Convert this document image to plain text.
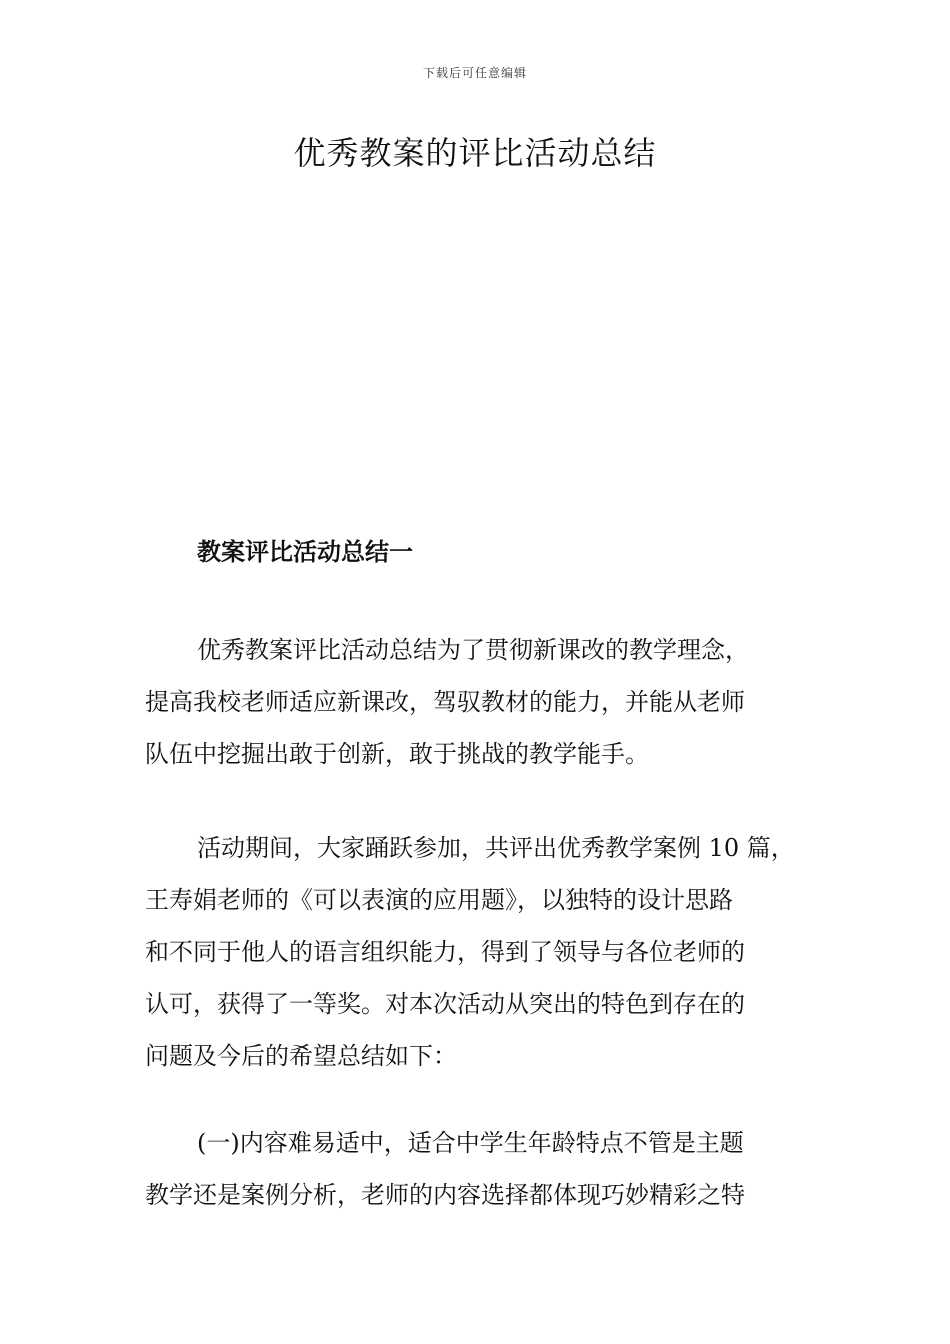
下载后可任意编辑
优秀教案的评比活动总结
教案评比活动总结一
优秀教案评比活动总结为了贯彻新课改的教学理念，
提高我校老师适应新课改，驾驭教材的能力，并能从老师
队伍中挖掘出敢于创新，敢于挑战的教学能手。
活动期间，大家踊跃参加，共评出优秀教学案例 10 篇，
王寿娟老师的《可以表演的应用题》，以独特的设计思路
和不同于他人的语言组织能力，得到了领导与各位老师的
认可，获得了一等奖。对本次活动从突出的特色到存在的
问题及今后的希望总结如下：
(一)内容难易适中，适合中学生年龄特点不管是主题
教学还是案例分析，老师的内容选择都体现巧妙精彩之特
